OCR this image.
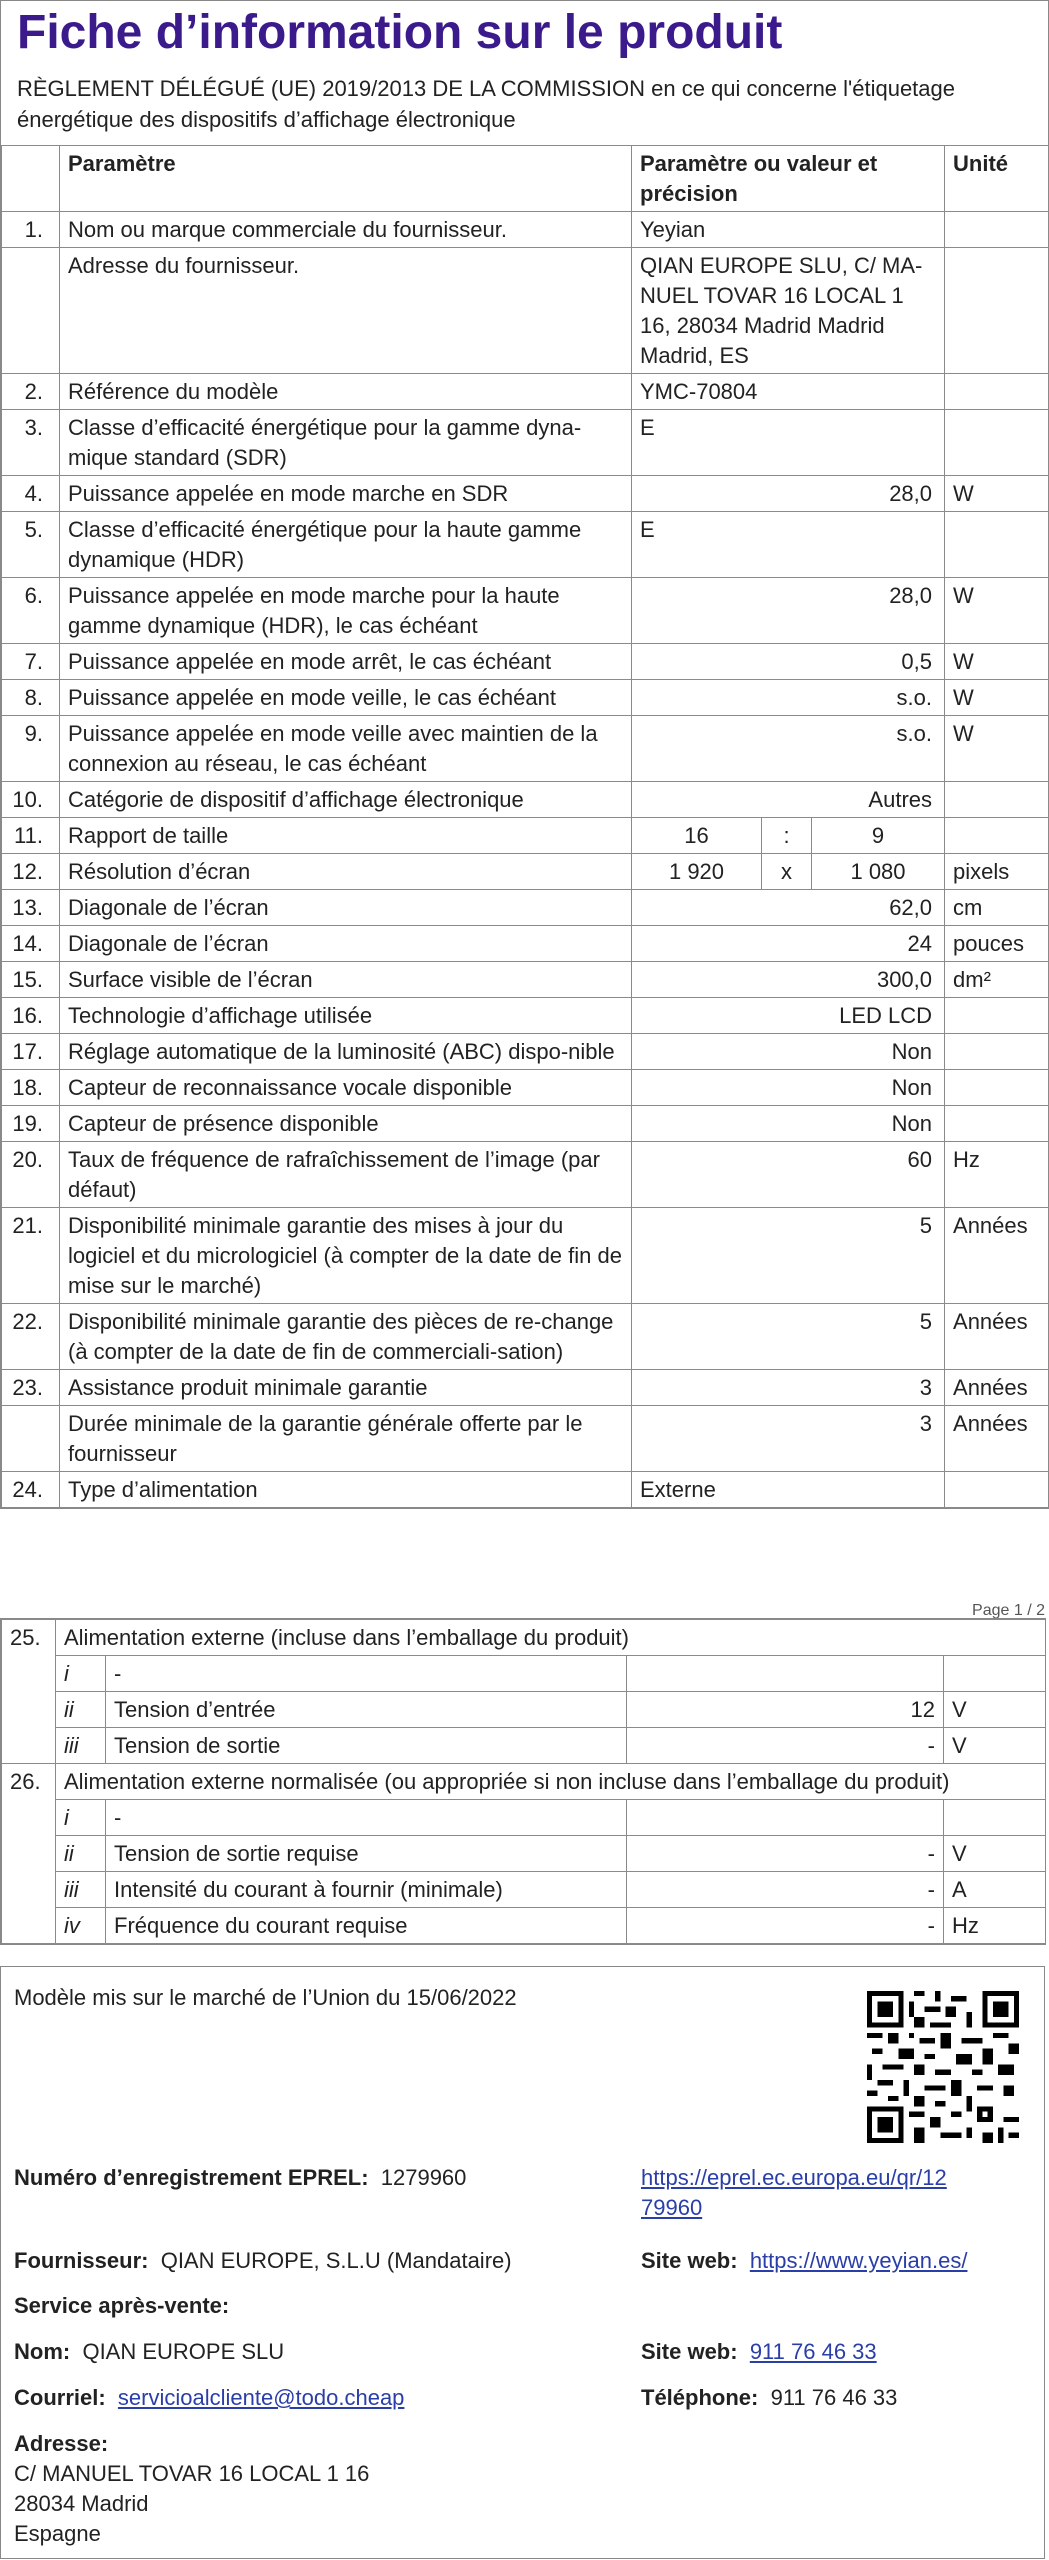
Fiche d’information sur le produit
RÈGLEMENT DÉLÉGUÉ (UE) 2019/2013 DE LA COMMISSION en ce qui concerne l'étiquetage énergétique des dispositifs d’affichage électronique
	Paramètre	Paramètre ou valeur et précision			Unité
1.	Nom ou marque commerciale du fournisseur.	Yeyian			
	Adresse du fournisseur.	QIAN EUROPE SLU, C/ MA-NUEL TOVAR 16 LOCAL 1 16, 28034 Madrid Madrid Madrid, ES			
2.	Référence du modèle	YMC-70804			
3.	Classe d’efficacité énergétique pour la gamme dyna-mique standard (SDR)	E			
4.	Puissance appelée en mode marche en SDR	28,0			W
5.	Classe d’efficacité énergétique pour la haute gamme dynamique (HDR)	E			
6.	Puissance appelée en mode marche pour la haute gamme dynamique (HDR), le cas échéant	28,0			W
7.	Puissance appelée en mode arrêt, le cas échéant	0,5			W
8.	Puissance appelée en mode veille, le cas échéant	s.o.			W
9.	Puissance appelée en mode veille avec maintien de la connexion au réseau, le cas échéant	s.o.			W
10.	Catégorie de dispositif d’affichage électronique	Autres			
11.	Rapport de taille	16	:	9	
12.	Résolution d’écran	1 920	x	1 080	pixels
13.	Diagonale de l’écran	62,0			cm
14.	Diagonale de l’écran	24			pouces
15.	Surface visible de l’écran	300,0			dm²
16.	Technologie d’affichage utilisée	LED LCD			
17.	Réglage automatique de la luminosité (ABC) dispo-nible	Non			
18.	Capteur de reconnaissance vocale disponible	Non			
19.	Capteur de présence disponible	Non			
20.	Taux de fréquence de rafraîchissement de l’image (par défaut)	60			Hz
21.	Disponibilité minimale garantie des mises à jour du logiciel et du micrologiciel (à compter de la date de fin de mise sur le marché)	5			Années
22.	Disponibilité minimale garantie des pièces de re-change (à compter de la date de fin de commerciali-sation)	5			Années
23.	Assistance produit minimale garantie	3			Années
	Durée minimale de la garantie générale offerte par le fournisseur	3			Années
24.	Type d’alimentation	Externe			
Page 1 / 2
25.	Alimentation externe (incluse dans l’emballage du produit)			
	i	-		
	ii	Tension d’entrée	12	V
	iii	Tension de sortie	-	V
26.	Alimentation externe normalisée (ou appropriée si non incluse dans l’emballage du produit)			
	i	-		
	ii	Tension de sortie requise	-	V
	iii	Intensité du courant à fournir (minimale)	-	A
	iv	Fréquence du courant requise	-	Hz
Modèle mis sur le marché de l’Union du 15/06/2022
Numéro d’enregistrement EPREL: 1279960	https://eprel.ec.europa.eu/qr/12
79960
Fournisseur: QIAN EUROPE, S.L.U (Mandataire)	Site web: https://www.yeyian.es/
Service après-vente:
Nom: QIAN EUROPE SLU	Site web: 911 76 46 33
Courriel: servicioalcliente@todo.cheap	Téléphone: 911 76 46 33
Adresse:
C/ MANUEL TOVAR 16 LOCAL 1 16
28034 Madrid
Espagne
